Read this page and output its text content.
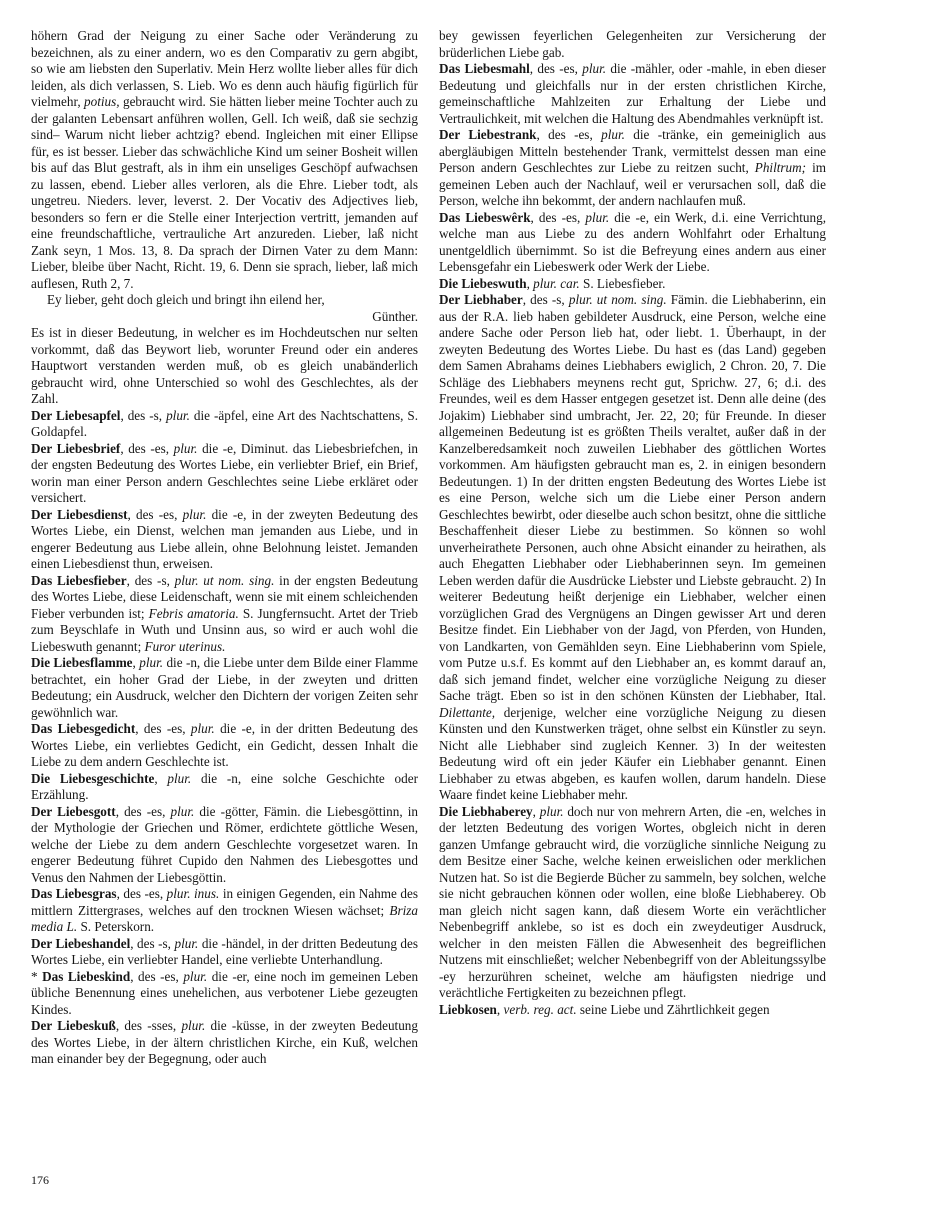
höhern Grad der Neigung zu einer Sache oder Veränderung zu bezeichnen, als zu einer andern, wo es den Comparativ zu gern abgibt, so wie am liebsten den Superlativ. Mein Herz wollte lieber alles für dich leiden, als dich verlassen, S. Lieb. Wo es denn auch häufig figürlich für vielmehr, potius, gebraucht wird. Sie hätten lieber meine Tochter auch zu der galanten Lebensart anführen wollen, Gell. Ich weiß, daß sie sechzig sind– Warum nicht lieber achtzig? ebend. Ingleichen mit einer Ellipse für, es ist besser. Lieber das schwächliche Kind um seiner Bosheit willen bis auf das Blut gestraft, als in ihm ein unseliges Geschöpf aufwachsen zu lassen, ebend. Lieber alles verloren, als die Ehre. Lieber todt, als ungetreu. Nieders. lever, leverst. 2. Der Vocativ des Adjectives lieb, besonders so fern er die Stelle einer Interjection vertritt, jemanden auf eine freundschaftliche, vertrauliche Art anzureden. Lieber, laß nicht Zank seyn, 1 Mos. 13, 8. Da sprach der Dirnen Vater zu dem Mann: Lieber, bleibe über Nacht, Richt. 19, 6. Denn sie sprach, lieber, laß mich auflesen, Ruth 2, 7.
Ey lieber, geht doch gleich und bringt ihn eilend her,
Günther.
Es ist in dieser Bedeutung, in welcher es im Hochdeutschen nur selten vorkommt, daß das Beywort lieb, worunter Freund oder ein anderes Hauptwort verstanden werden muß, ob es gleich unabänderlich gebraucht wird, ohne Unterschied so wohl des Geschlechtes, als der Zahl.

Der Liebesapfel, des -s, plur. die -äpfel, eine Art des Nachtschattens, S. Goldapfel.

Der Liebesbrief, des -es, plur. die -e, Diminut. das Liebesbriefchen, in der engsten Bedeutung des Wortes Liebe, ein verliebter Brief, ein Brief, worin man einer Person andern Geschlechtes seine Liebe erkläret oder versichert.

Der Liebesdienst, des -es, plur. die -e, in der zweyten Bedeutung des Wortes Liebe, ein Dienst, welchen man jemanden aus Liebe, und in engerer Bedeutung aus Liebe allein, ohne Belohnung leistet. Jemanden einen Liebesdienst thun, erweisen.

Das Liebesfieber, des -s, plur. ut nom. sing. in der engsten Bedeutung des Wortes Liebe, diese Leidenschaft, wenn sie mit einem schleichenden Fieber verbunden ist; Febris amatoria. S. Jungfernsucht. Artet der Trieb zum Beyschlafe in Wuth und Unsinn aus, so wird er auch wohl die Liebeswuth genannt; Furor uterinus.

Die Liebesflamme, plur. die -n, die Liebe unter dem Bilde einer Flamme betrachtet, ein hoher Grad der Liebe, in der zweyten und dritten Bedeutung; ein Ausdruck, welcher den Dichtern der vorigen Zeiten sehr gewöhnlich war.

Das Liebesgedicht, des -es, plur. die -e, in der dritten Bedeutung des Wortes Liebe, ein verliebtes Gedicht, ein Gedicht, dessen Inhalt die Liebe zu dem andern Geschlechte ist.

Die Liebesgeschichte, plur. die -n, eine solche Geschichte oder Erzählung.

Der Liebesgott, des -es, plur. die -götter, Fämin. die Liebesgöttinn, in der Mythologie der Griechen und Römer, erdichtete göttliche Wesen, welche der Liebe zu dem andern Geschlechte vorgesetzet waren. In engerer Bedeutung führet Cupido den Nahmen des Liebesgottes und Venus den Nahmen der Liebesgöttin.

Das Liebesgras, des -es, plur. inus. in einigen Gegenden, ein Nahme des mittlern Zittergrases, welches auf den trocknen Wiesen wächset; Briza media L. S. Peterskorn.

Der Liebeshandel, des -s, plur. die -händel, in der dritten Bedeutung des Wortes Liebe, ein verliebter Handel, eine verliebte Unterhandlung.

* Das Liebeskind, des -es, plur. die -er, eine noch im gemeinen Leben übliche Benennung eines unehelichen, aus verbotener Liebe gezeugten Kindes.

Der Liebeskuß, des -sses, plur. die -küsse, in der zweyten Bedeutung des Wortes Liebe, in der ältern christlichen Kirche, ein Kuß, welchen man einander bey der Begegnung, oder auch

bey gewissen feyerlichen Gelegenheiten zur Versicherung der brüderlichen Liebe gab.

Das Liebesmahl, des -es, plur. die -mähler, oder -mahle, in eben dieser Bedeutung und gleichfalls nur in der ersten christlichen Kirche, gemeinschaftliche Mahlzeiten zur Erhaltung der Liebe und Vertraulichkeit, mit welchen die Haltung des Abendmahles verknüpft ist.

Der Liebestrank, des -es, plur. die -tränke, ein gemeiniglich aus abergläubigen Mitteln bestehender Trank, vermittelst dessen man eine Person andern Geschlechtes zur Liebe zu reitzen sucht, Philtrum; im gemeinen Leben auch der Nachlauf, weil er verursachen soll, daß die Person, welche ihn bekommt, der andern nachlaufen muß.

Das Liebeswêrk, des -es, plur. die -e, ein Werk, d.i. eine Verrichtung, welche man aus Liebe zu des andern Wohlfahrt oder Erhaltung unentgeldlich übernimmt. So ist die Befreyung eines andern aus einer Lebensgefahr ein Liebeswerk oder Werk der Liebe.

Die Liebeswuth, plur. car. S. Liebesfieber.

Der Liebhaber, des -s, plur. ut nom. sing. Fämin. die Liebhaberinn, ein aus der R.A. lieb haben gebildeter Ausdruck, eine Person, welche eine andere Sache oder Person lieb hat, oder liebt. 1. Überhaupt, in der zweyten Bedeutung des Wortes Liebe. Du hast es (das Land) gegeben dem Samen Abrahams deines Liebhabers ewiglich, 2 Chron. 20, 7. Die Schläge des Liebhabers meynens recht gut, Sprichw. 27, 6; d.i. des Freundes, weil es dem Hasser entgegen gesetzet ist. Denn alle deine (des Jojakim) Liebhaber sind umbracht, Jer. 22, 20; für Freunde. In dieser allgemeinen Bedeutung ist es größten Theils veraltet, außer daß in der Kanzelberedsamkeit noch zuweilen Liebhaber des göttlichen Wortes vorkommen. Am häufigsten gebraucht man es, 2. in einigen besondern Bedeutungen. 1) In der dritten engsten Bedeutung des Wortes Liebe ist es eine Person, welche sich um die Liebe einer Person andern Geschlechtes bewirbt, oder dieselbe auch schon besitzt, ohne die sittliche Beschaffenheit dieser Liebe zu bestimmen. So können so wohl unverheirathete Personen, auch ohne Absicht einander zu heirathen, als auch Ehegatten Liebhaber oder Liebhaberinnen seyn. Im gemeinen Leben werden dafür die Ausdrücke Liebster und Liebste gebraucht. 2) In weiterer Bedeutung heißt derjenige ein Liebhaber, welcher einen vorzüglichen Grad des Vergnügens an Dingen gewisser Art und deren Besitze findet. Ein Liebhaber von der Jagd, von Pferden, von Hunden, von Landkarten, von Gemählden seyn. Eine Liebhaberinn vom Spiele, vom Putze u.s.f. Es kommt auf den Liebhaber an, es kommt darauf an, daß sich jemand findet, welcher eine vorzügliche Neigung zu dieser Sache trägt. Eben so ist in den schönen Künsten der Liebhaber, Ital. Dilettante, derjenige, welcher eine vorzügliche Neigung zu diesen Künsten und den Kunstwerken träget, ohne selbst ein Künstler zu seyn. Nicht alle Liebhaber sind zugleich Kenner. 3) In der weitesten Bedeutung wird oft ein jeder Käufer ein Liebhaber genannt. Einen Liebhaber zu etwas abgeben, es kaufen wollen, darum handeln. Diese Waare findet keine Liebhaber mehr.

Die Liebhaberey, plur. doch nur von mehrern Arten, die -en, welches in der letzten Bedeutung des vorigen Wortes, obgleich nicht in deren ganzen Umfange gebraucht wird, die vorzügliche sinnliche Neigung zu dem Besitze einer Sache, welche keinen erweislichen oder merklichen Nutzen hat. So ist die Begierde Bücher zu sammeln, bey solchen, welche sie nicht gebrauchen können oder wollen, eine bloße Liebhaberey. Ob man gleich nicht sagen kann, daß diesem Worte ein verächtlicher Nebenbegriff anklebe, so ist es doch ein zweydeutiger Ausdruck, welcher in den meisten Fällen die Abwesenheit des begreiflichen Nutzens mit einschließet; welcher Nebenbegriff von der Ableitungssylbe -ey herzurühren scheinet, welche am häufigsten niedrige und verächtliche Fertigkeiten zu bezeichnen pflegt.

Liebkosen, verb. reg. act. seine Liebe und Zährtlichkeit gegen

176
